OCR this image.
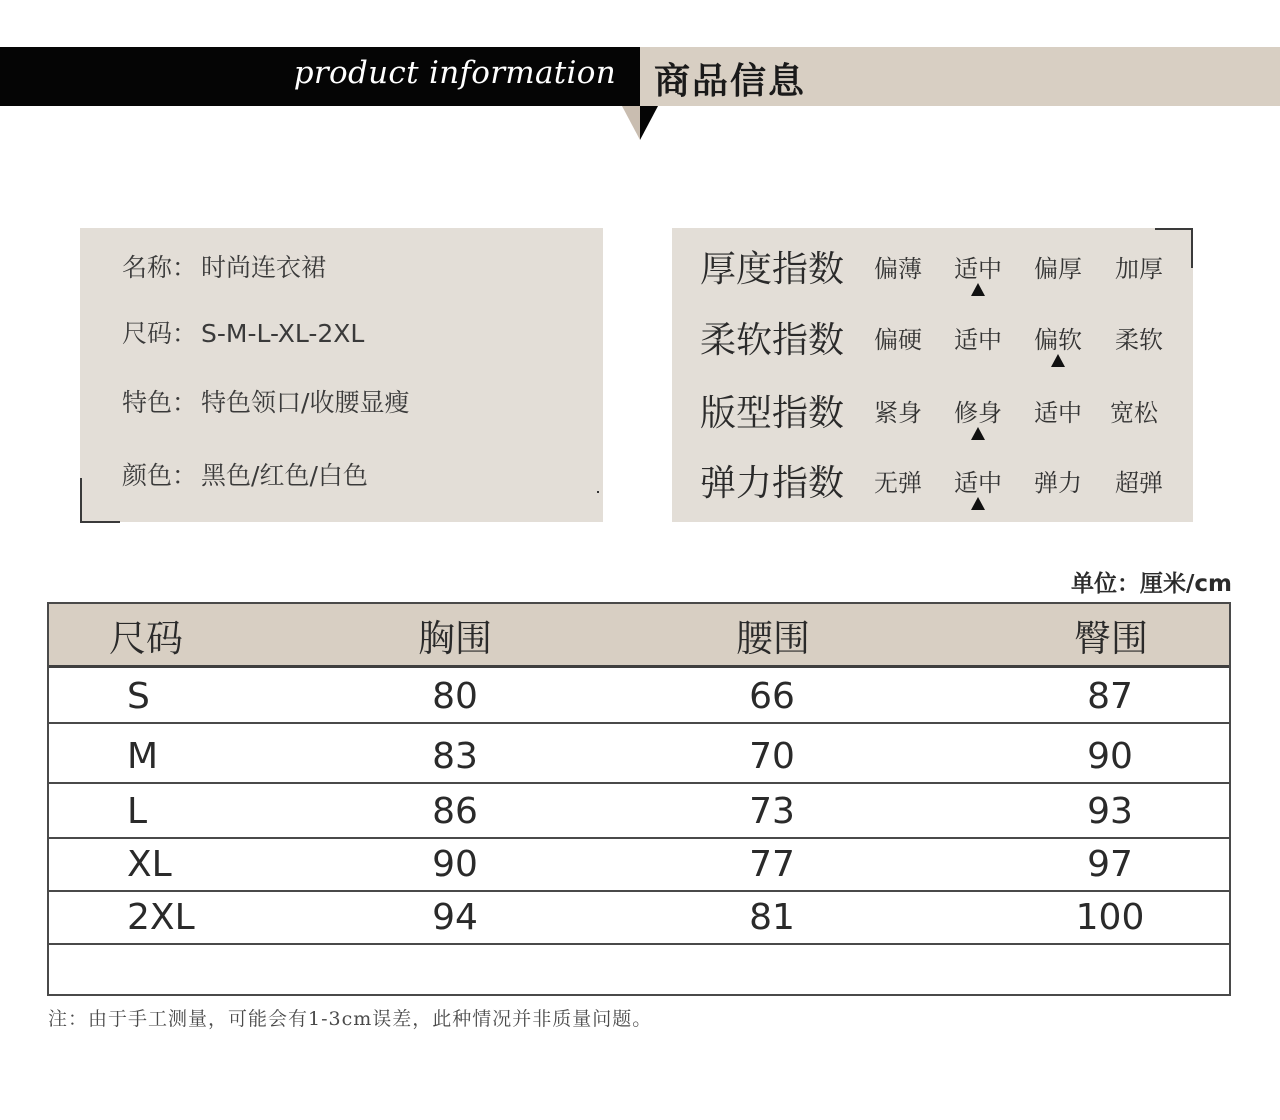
product information 商品信息
名称： 时尚连衣裙
尺码： S-M-L-XL-2XL
特色： 特色领口/收腰显瘦
颜色： 黑色/红色/白色
厚度指数 偏薄 适中 偏厚 加厚
柔软指数 偏硬 适中 偏软 柔软
版型指数 紧身 修身 适中 宽松
弹力指数 无弹 适中 弹力 超弹
单位：厘米/cm
尺码	胸围	腰围	臀围
S	80	66	87
M	83	70	90
L	86	73	93
XL	90	77	97
2XL	94	81	100
注：由于手工测量，可能会有1-3cm误差，此种情况并非质量问题。
